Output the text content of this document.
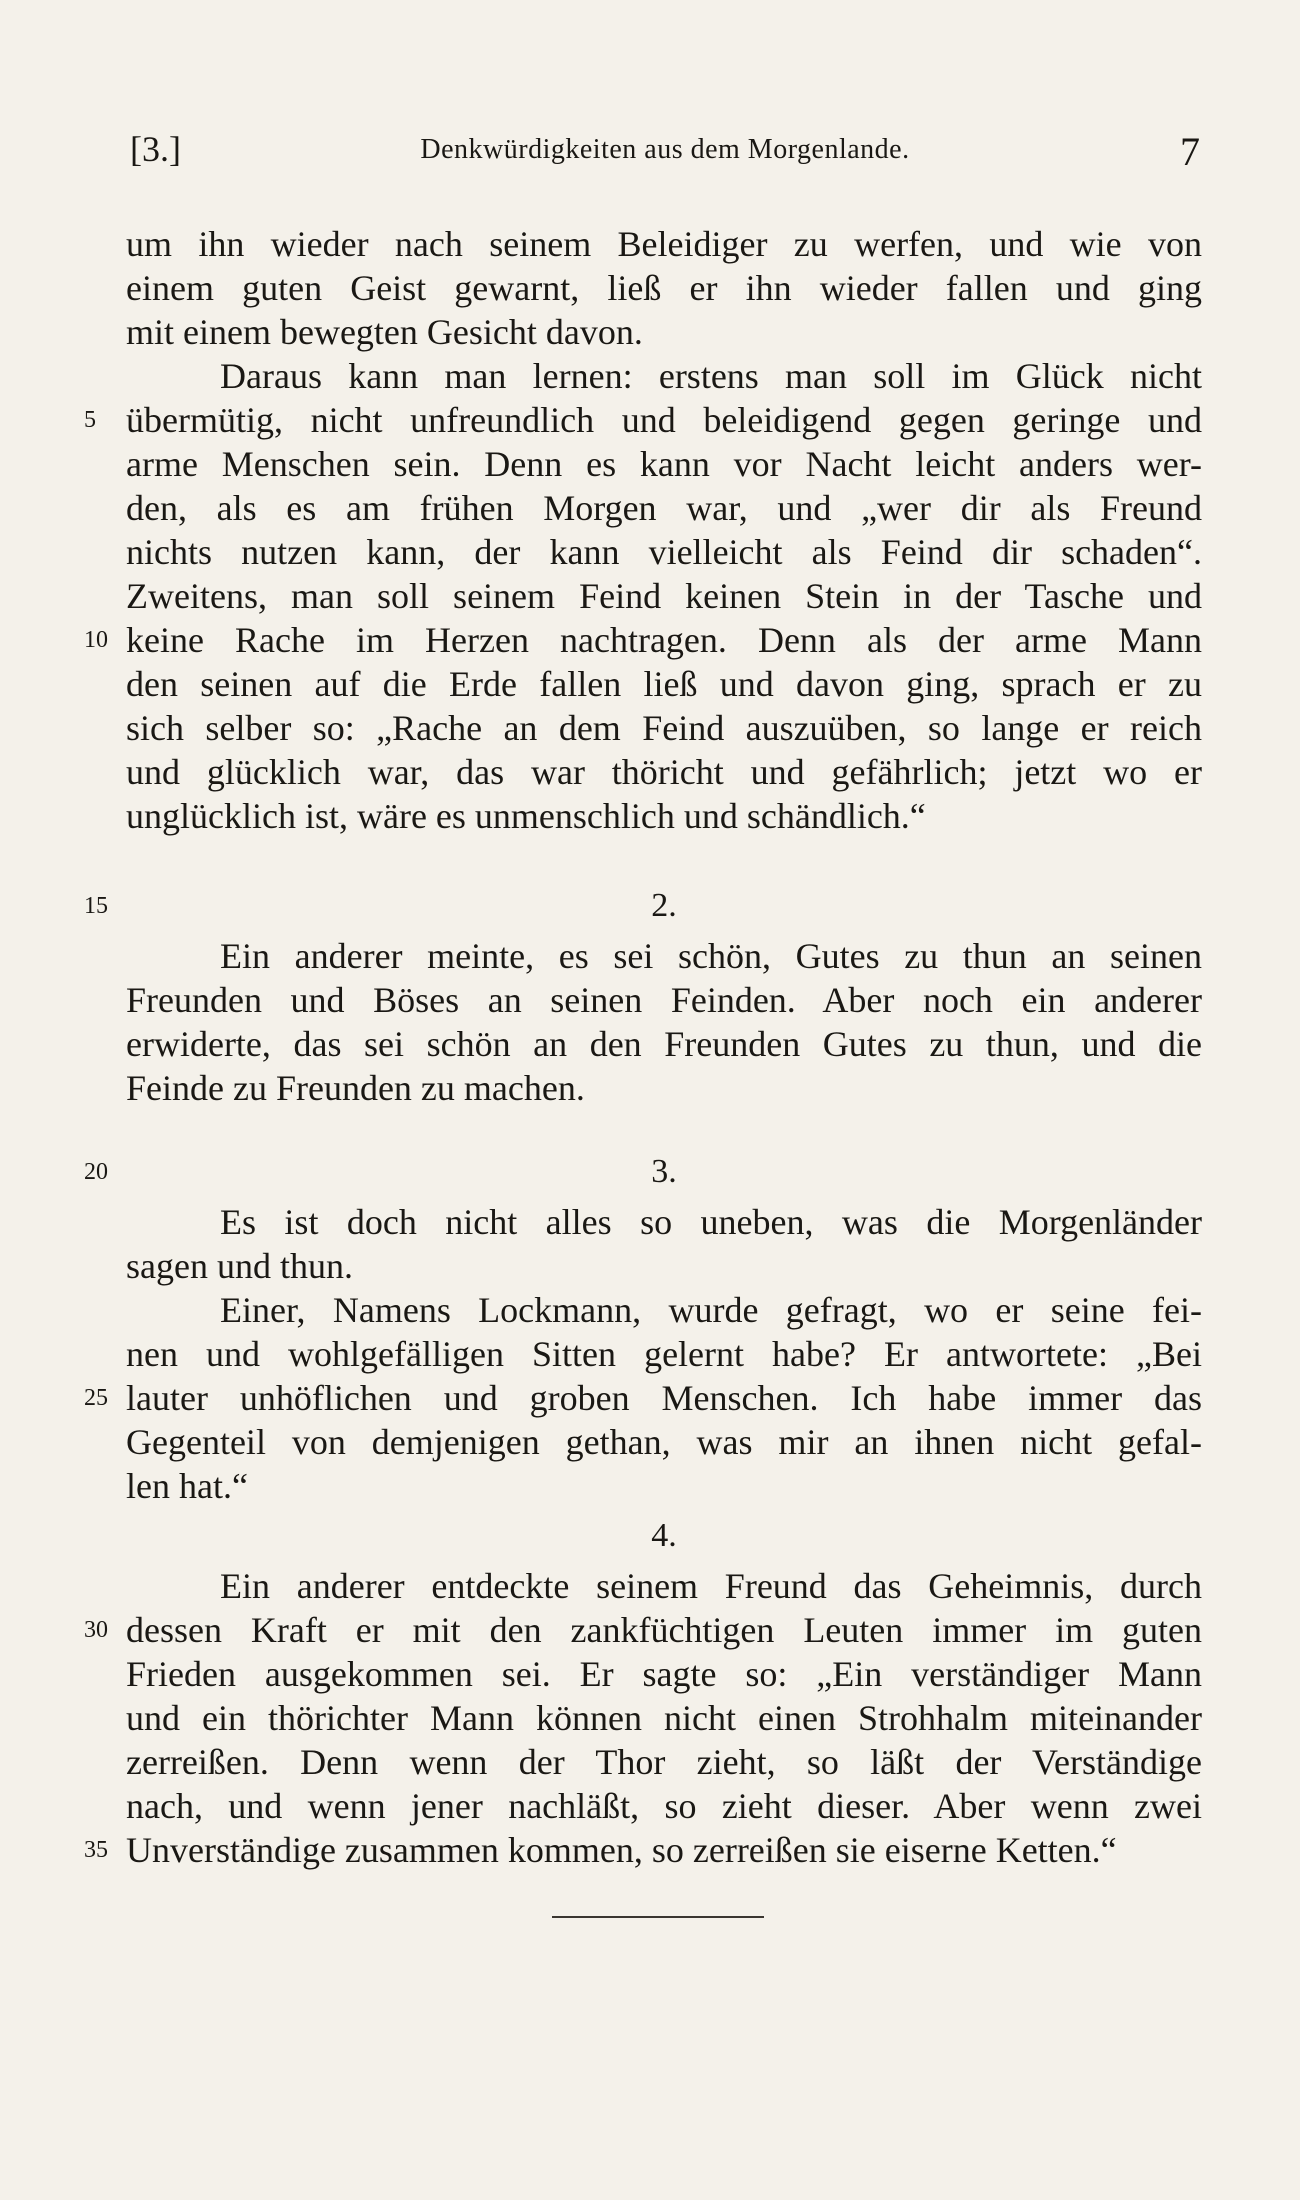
[3.]	Denkwürdigkeiten aus dem Morgenlande.	7
um ihn wieder nach seinem Beleidiger zu werfen, und wie von
einem guten Geist gewarnt, ließ er ihn wieder fallen und ging
mit einem bewegten Gesicht davon.
Daraus kann man lernen: erstens man soll im Glück nicht
5 übermütig, nicht unfreundlich und beleidigend gegen geringe und
arme Menschen sein. Denn es kann vor Nacht leicht anders wer-
den, als es am frühen Morgen war, und „wer dir als Freund
nichts nutzen kann, der kann vielleicht als Feind dir schaden“.
Zweitens, man soll seinem Feind keinen Stein in der Tasche und
10 keine Rache im Herzen nachtragen. Denn als der arme Mann
den seinen auf die Erde fallen ließ und davon ging, sprach er zu
sich selber so: „Rache an dem Feind auszuüben, so lange er reich
und glücklich war, das war thöricht und gefährlich; jetzt wo er
unglücklich ist, wäre es unmenschlich und schändlich.“
15	2.
Ein anderer meinte, es sei schön, Gutes zu thun an seinen
Freunden und Böses an seinen Feinden. Aber noch ein anderer
erwiderte, das sei schön an den Freunden Gutes zu thun, und die
Feinde zu Freunden zu machen.
20	3.
Es ist doch nicht alles so uneben, was die Morgenländer
sagen und thun.
Einer, Namens Lockmann, wurde gefragt, wo er seine fei-
nen und wohlgefälligen Sitten gelernt habe? Er antwortete: „Bei
25 lauter unhöflichen und groben Menschen. Ich habe immer das
Gegenteil von demjenigen gethan, was mir an ihnen nicht gefal-
len hat.“
4.
Ein anderer entdeckte seinem Freund das Geheimnis, durch
30 dessen Kraft er mit den zankfüchtigen Leuten immer im guten
Frieden ausgekommen sei. Er sagte so: „Ein verständiger Mann
und ein thörichter Mann können nicht einen Strohhalm miteinander
zerreißen. Denn wenn der Thor zieht, so läßt der Verständige
nach, und wenn jener nachläßt, so zieht dieser. Aber wenn zwei
35 Unverständige zusammen kommen, so zerreißen sie eiserne Ketten.“
